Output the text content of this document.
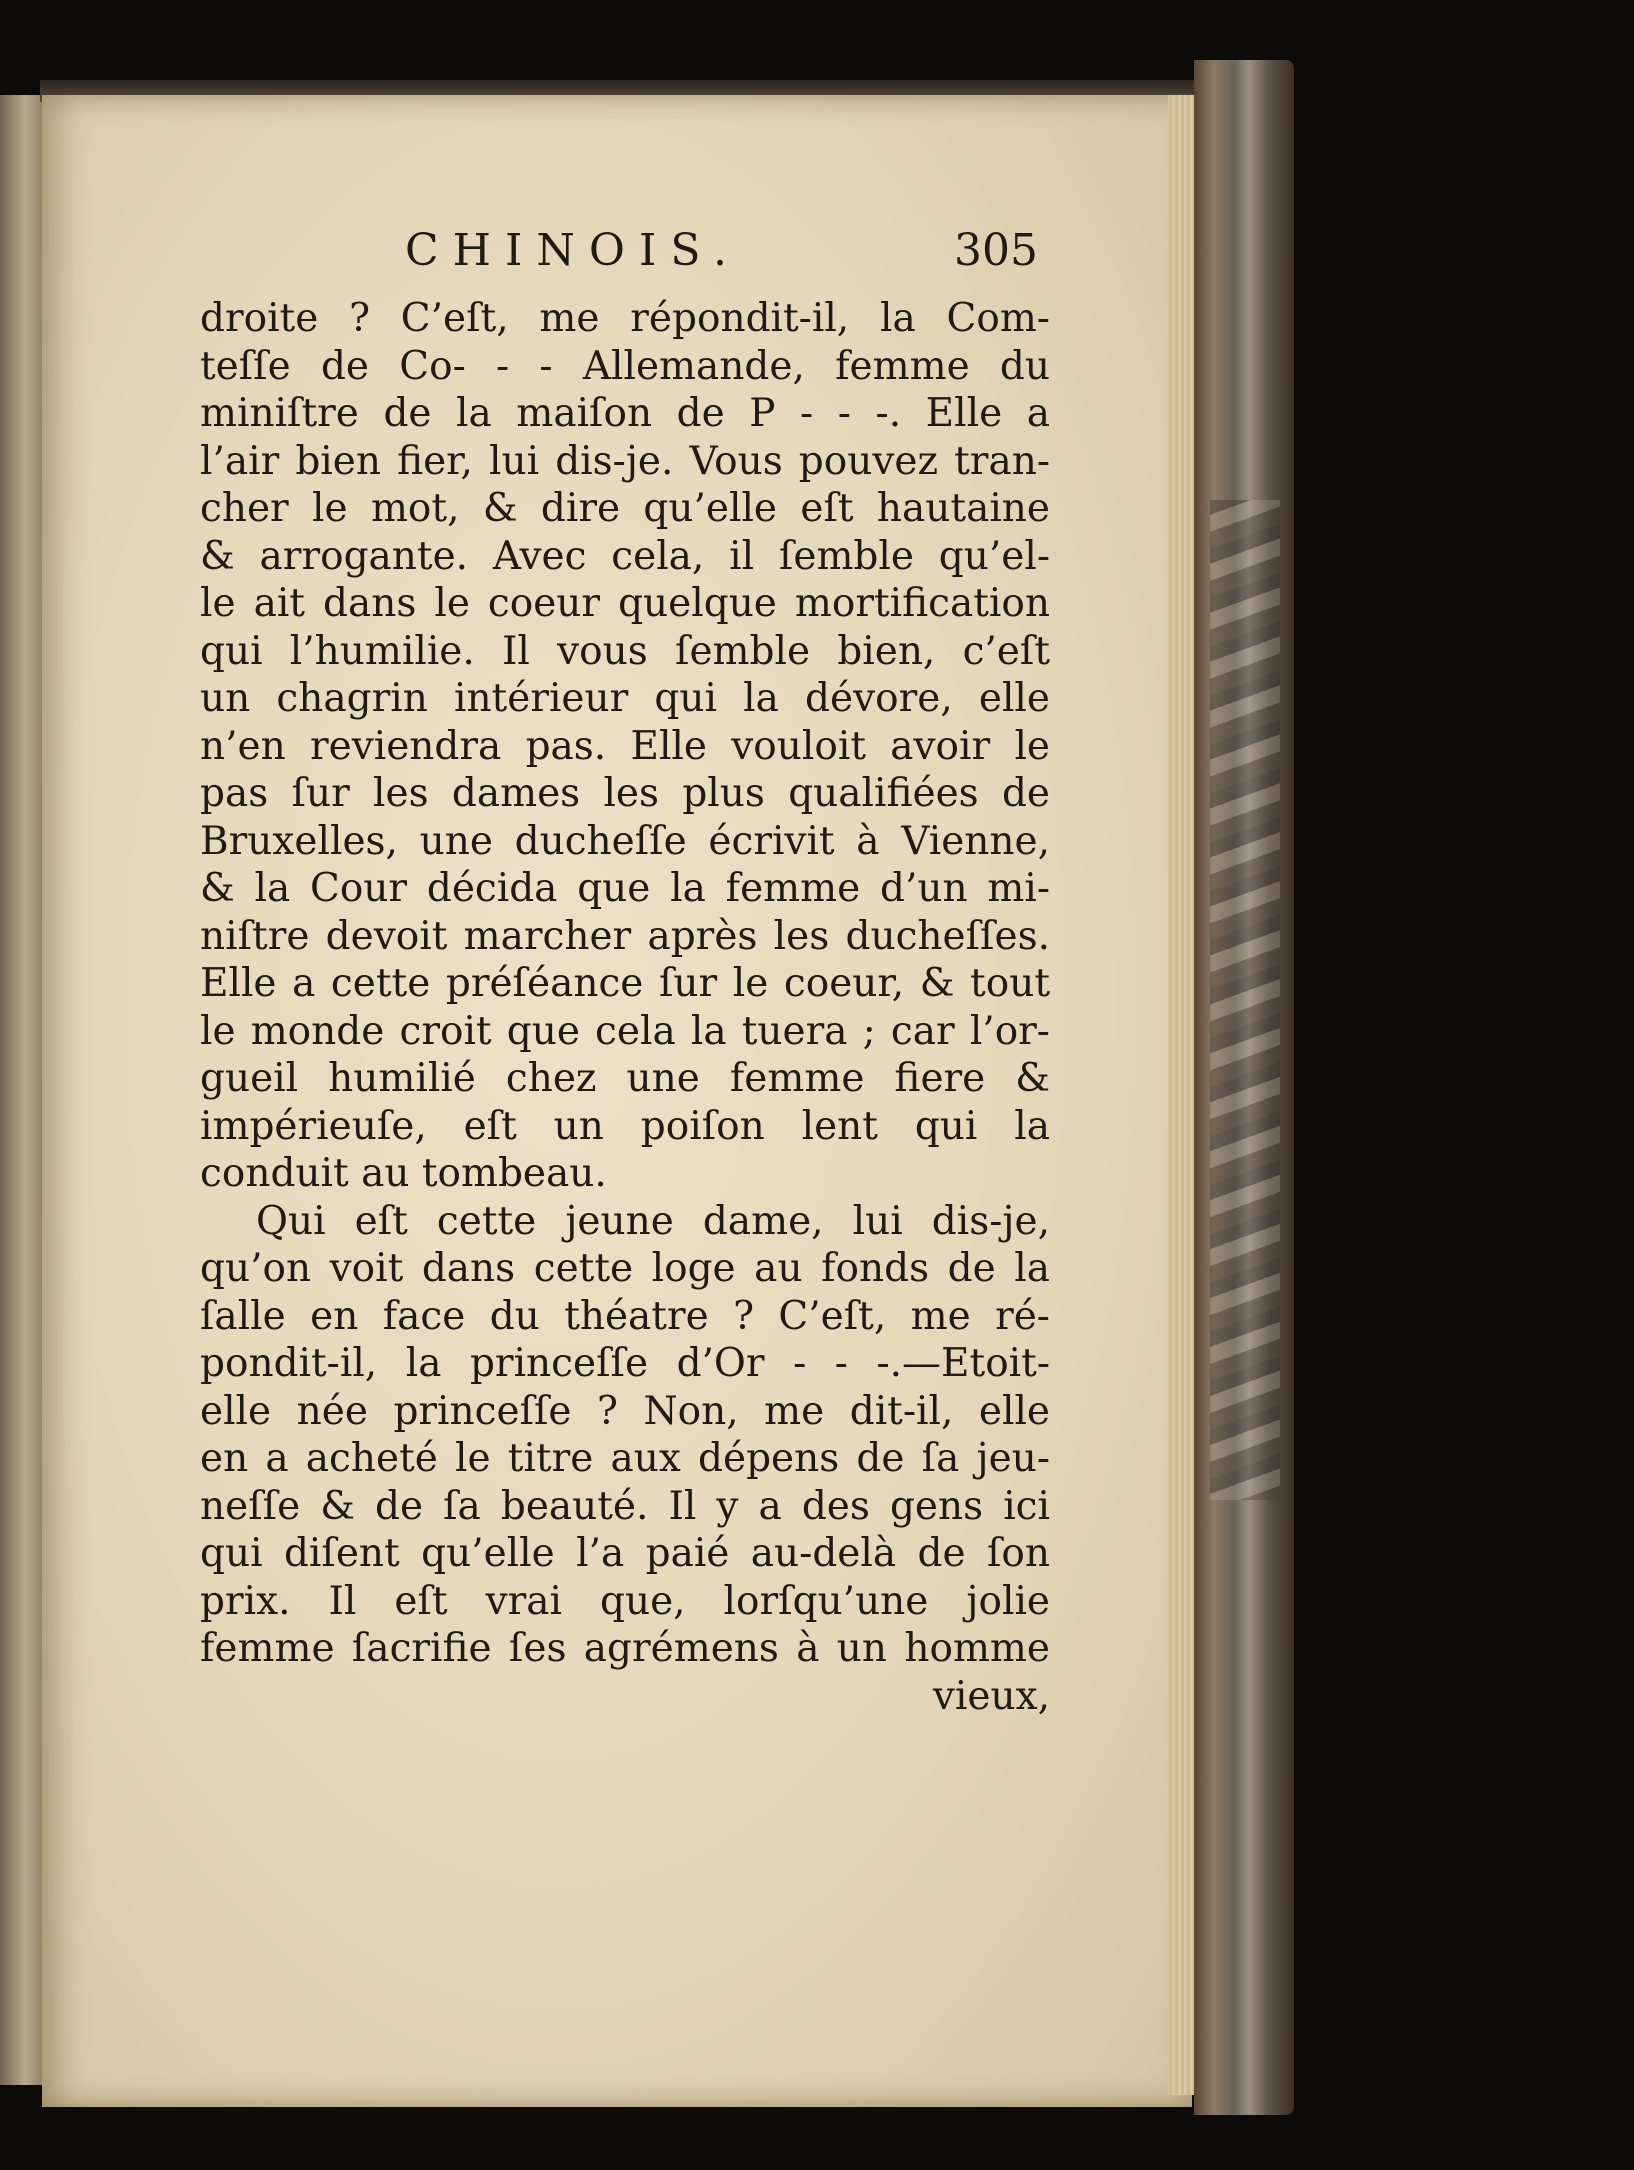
CHINOIS.	305
droite ? C’eſt, me répondit-il, la Com-
teſſe de Co- - - Allemande, femme du
miniſtre de la maiſon de P - - -. Elle a
l’air bien fier, lui dis-je. Vous pouvez tran-
cher le mot, & dire qu’elle eſt hautaine
& arrogante. Avec cela, il ſemble qu’el-
le ait dans le coeur quelque mortification
qui l’humilie. Il vous ſemble bien, c’eſt
un chagrin intérieur qui la dévore, elle
n’en reviendra pas. Elle vouloit avoir le
pas ſur les dames les plus qualifiées de
Bruxelles, une ducheſſe écrivit à Vienne,
& la Cour décida que la femme d’un mi-
niſtre devoit marcher après les ducheſſes.
Elle a cette préſéance ſur le coeur, & tout
le monde croit que cela la tuera ; car l’or-
gueil humilié chez une femme fiere &
impérieuſe, eſt un poiſon lent qui la
conduit au tombeau.
Qui eſt cette jeune dame, lui dis-je,
qu’on voit dans cette loge au fonds de la
ſalle en face du théatre ? C’eſt, me ré-
pondit-il, la princeſſe d’Or - - -.—Etoit-
elle née princeſſe ? Non, me dit-il, elle
en a acheté le titre aux dépens de ſa jeu-
neſſe & de ſa beauté. Il y a des gens ici
qui diſent qu’elle l’a paié au-delà de ſon
prix. Il eſt vrai que, lorſqu’une jolie
femme ſacrifie ſes agrémens à un homme
vieux,
